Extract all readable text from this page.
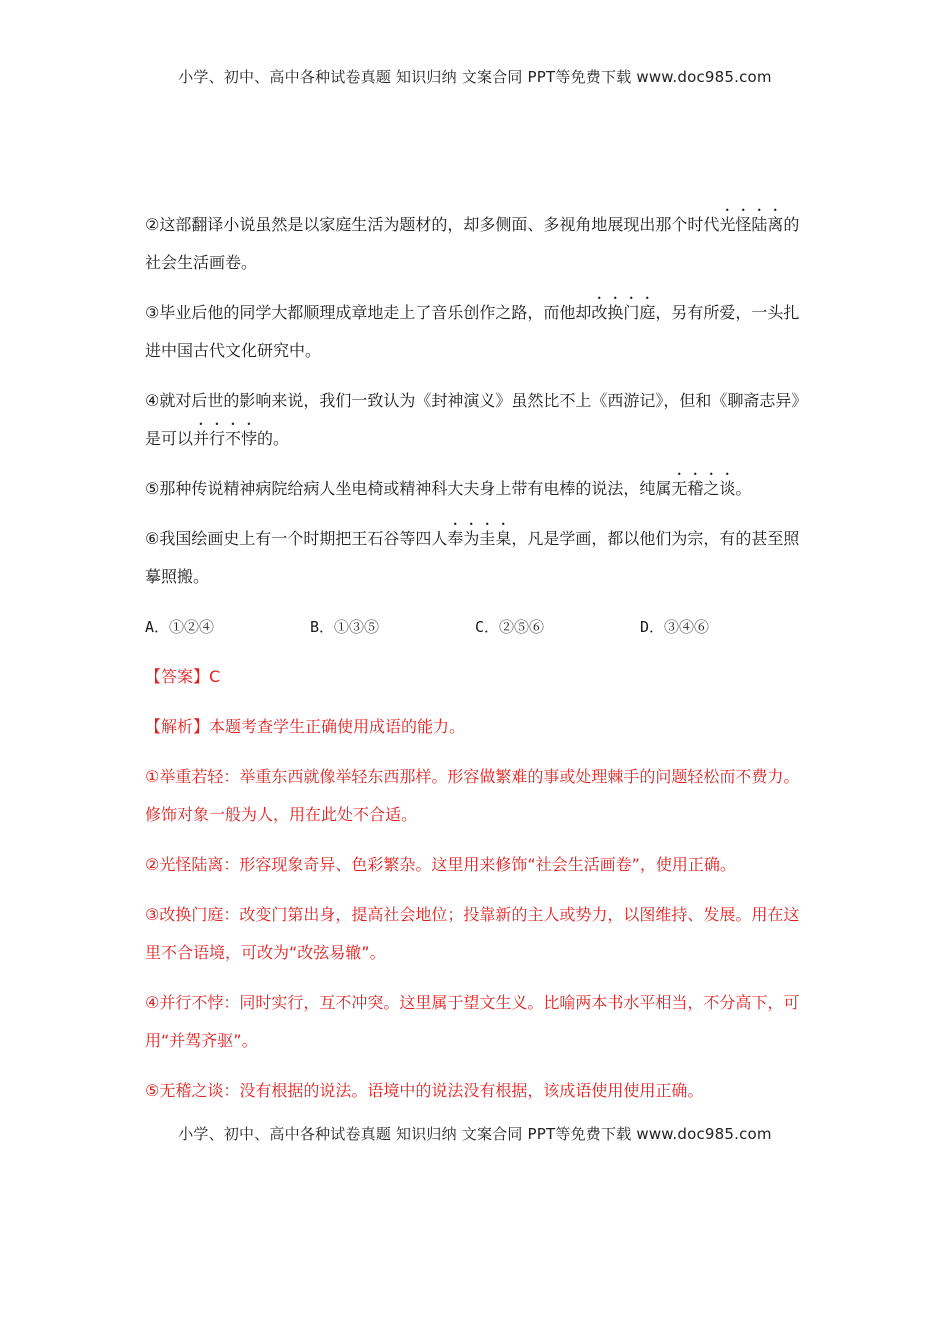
小学、初中、高中各种试卷真题 知识归纳 文案合同 PPT等免费下载 www.doc985.com

②这部翻译小说虽然是以家庭生活为题材的，却多侧面、多视角地展现出那个时代光怪陆离的社会生活画卷。

③毕业后他的同学大都顺理成章地走上了音乐创作之路，而他却改换门庭，另有所爱，一头扎进中国古代文化研究中。

④就对后世的影响来说，我们一致认为《封神演义》虽然比不上《西游记》，但和《聊斋志异》是可以并行不悖的。

⑤那种传说精神病院给病人坐电椅或精神科大夫身上带有电棒的说法，纯属无稽之谈。

⑥我国绘画史上有一个时期把王石谷等四人奉为圭臬，凡是学画，都以他们为宗，有的甚至照摹照搬。

A．①②④	B．①③⑤	C．②⑤⑥	D．③④⑥

【答案】C

【解析】本题考查学生正确使用成语的能力。

①举重若轻：举重东西就像举轻东西那样。形容做繁难的事或处理棘手的问题轻松而不费力。修饰对象一般为人，用在此处不合适。

②光怪陆离：形容现象奇异、色彩繁杂。这里用来修饰“社会生活画卷”，使用正确。

③改换门庭：改变门第出身，提高社会地位；投靠新的主人或势力，以图维持、发展。用在这里不合语境，可改为“改弦易辙”。

④并行不悖：同时实行，互不冲突。这里属于望文生义。比喻两本书水平相当，不分高下，可用“并驾齐驱”。

⑤无稽之谈：没有根据的说法。语境中的说法没有根据，该成语使用使用正确。

小学、初中、高中各种试卷真题 知识归纳 文案合同 PPT等免费下载 www.doc985.com
